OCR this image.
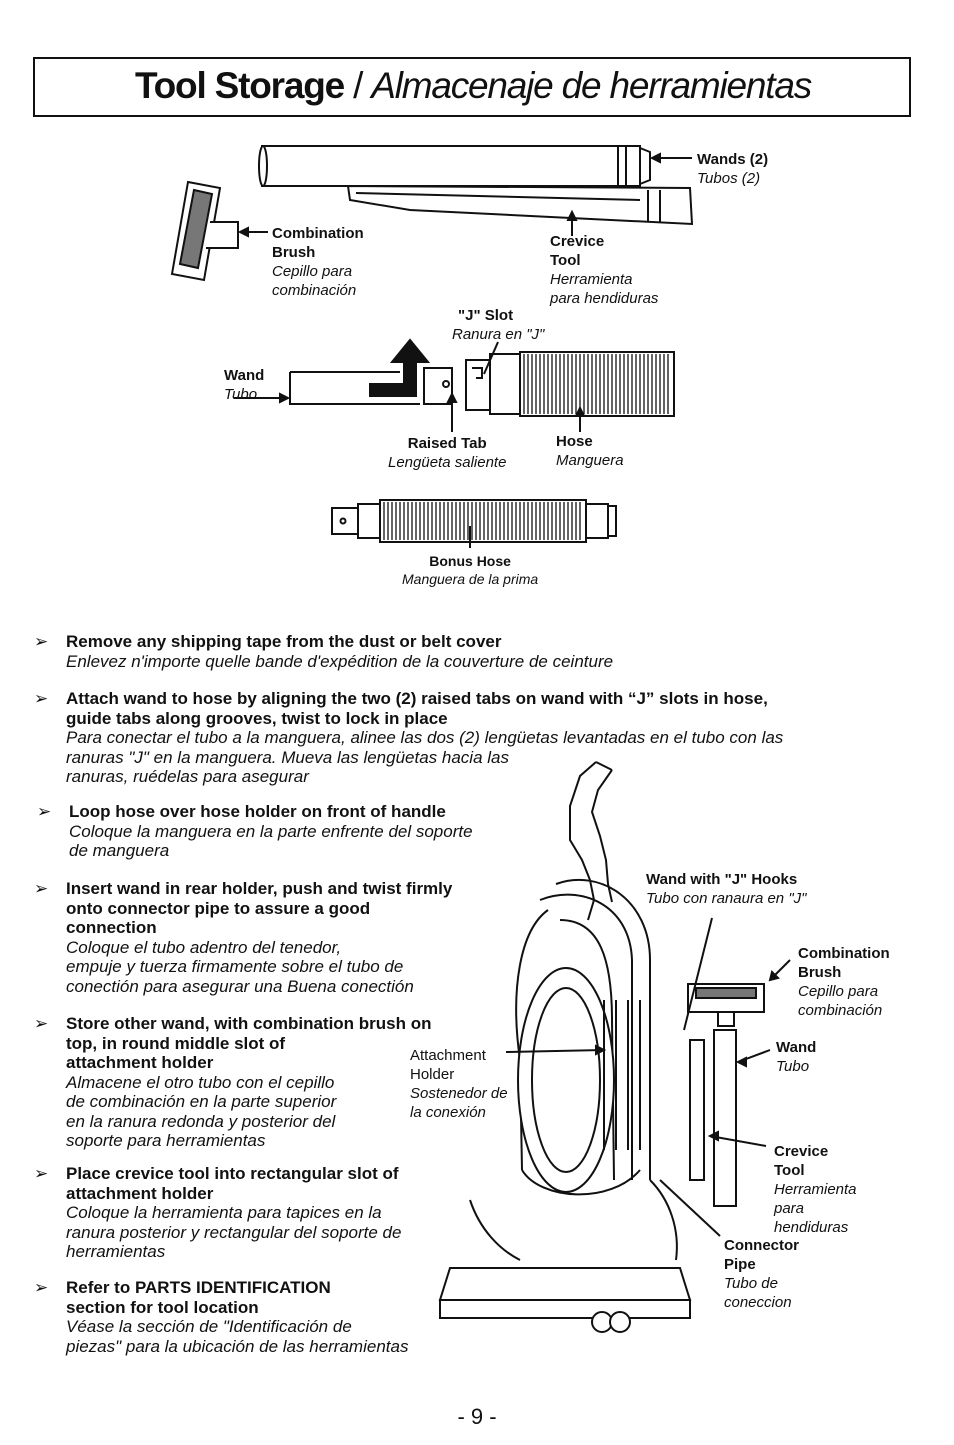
Tool Storage / Almacenaje de herramientas
Wands (2)
Tubos (2)
Combination
Brush
Cepillo para
combinación
Crevice
Tool
Herramienta
para hendiduras
"J" Slot
Ranura en "J"
Wand
Tubo
Raised Tab
Lengüeta saliente
Hose
Manguera
Bonus Hose
Manguera de la prima
Wand with "J" Hooks
Tubo con ranaura en "J"
Combination
Brush
Cepillo para
combinación
Wand
Tubo
Attachment
Holder
Sostenedor de
la conexión
Crevice
Tool
Herramienta
para
hendiduras
Connector
Pipe
Tubo de
coneccion
➢ Remove any shipping tape from the dust or belt cover
Enlevez n'importe quelle bande d'expédition de la couverture de ceinture
➢ Attach wand to hose by aligning the two (2) raised tabs on wand with “J” slots in hose,
guide tabs along grooves, twist to lock in place
Para conectar el tubo a la manguera, alinee las dos (2) lengüetas levantadas en el tubo con las
ranuras "J" en la manguera. Mueva las lengüetas hacia las
ranuras, ruédelas para asegurar
➢ Loop hose over hose holder on front of handle
Coloque la manguera en la parte enfrente del soporte
de manguera
➢ Insert wand in rear holder, push and twist firmly
onto connector pipe to assure a good
connection
Coloque el tubo adentro del tenedor,
empuje y tuerza firmamente sobre el tubo de
conectión para asegurar una Buena conectión
➢ Store other wand, with combination brush on
top, in round middle slot of
attachment holder
Almacene el otro tubo con el cepillo
de combinación en la parte superior
en la ranura redonda y posterior del
soporte para herramientas
➢ Place crevice tool into rectangular slot of
attachment holder
Coloque la herramienta para tapices en la
ranura posterior y rectangular del soporte de
herramientas
➢ Refer to PARTS IDENTIFICATION
section for tool location
Véase la sección de "Identificación de
piezas" para la ubicación de las herramientas
- 9 -
